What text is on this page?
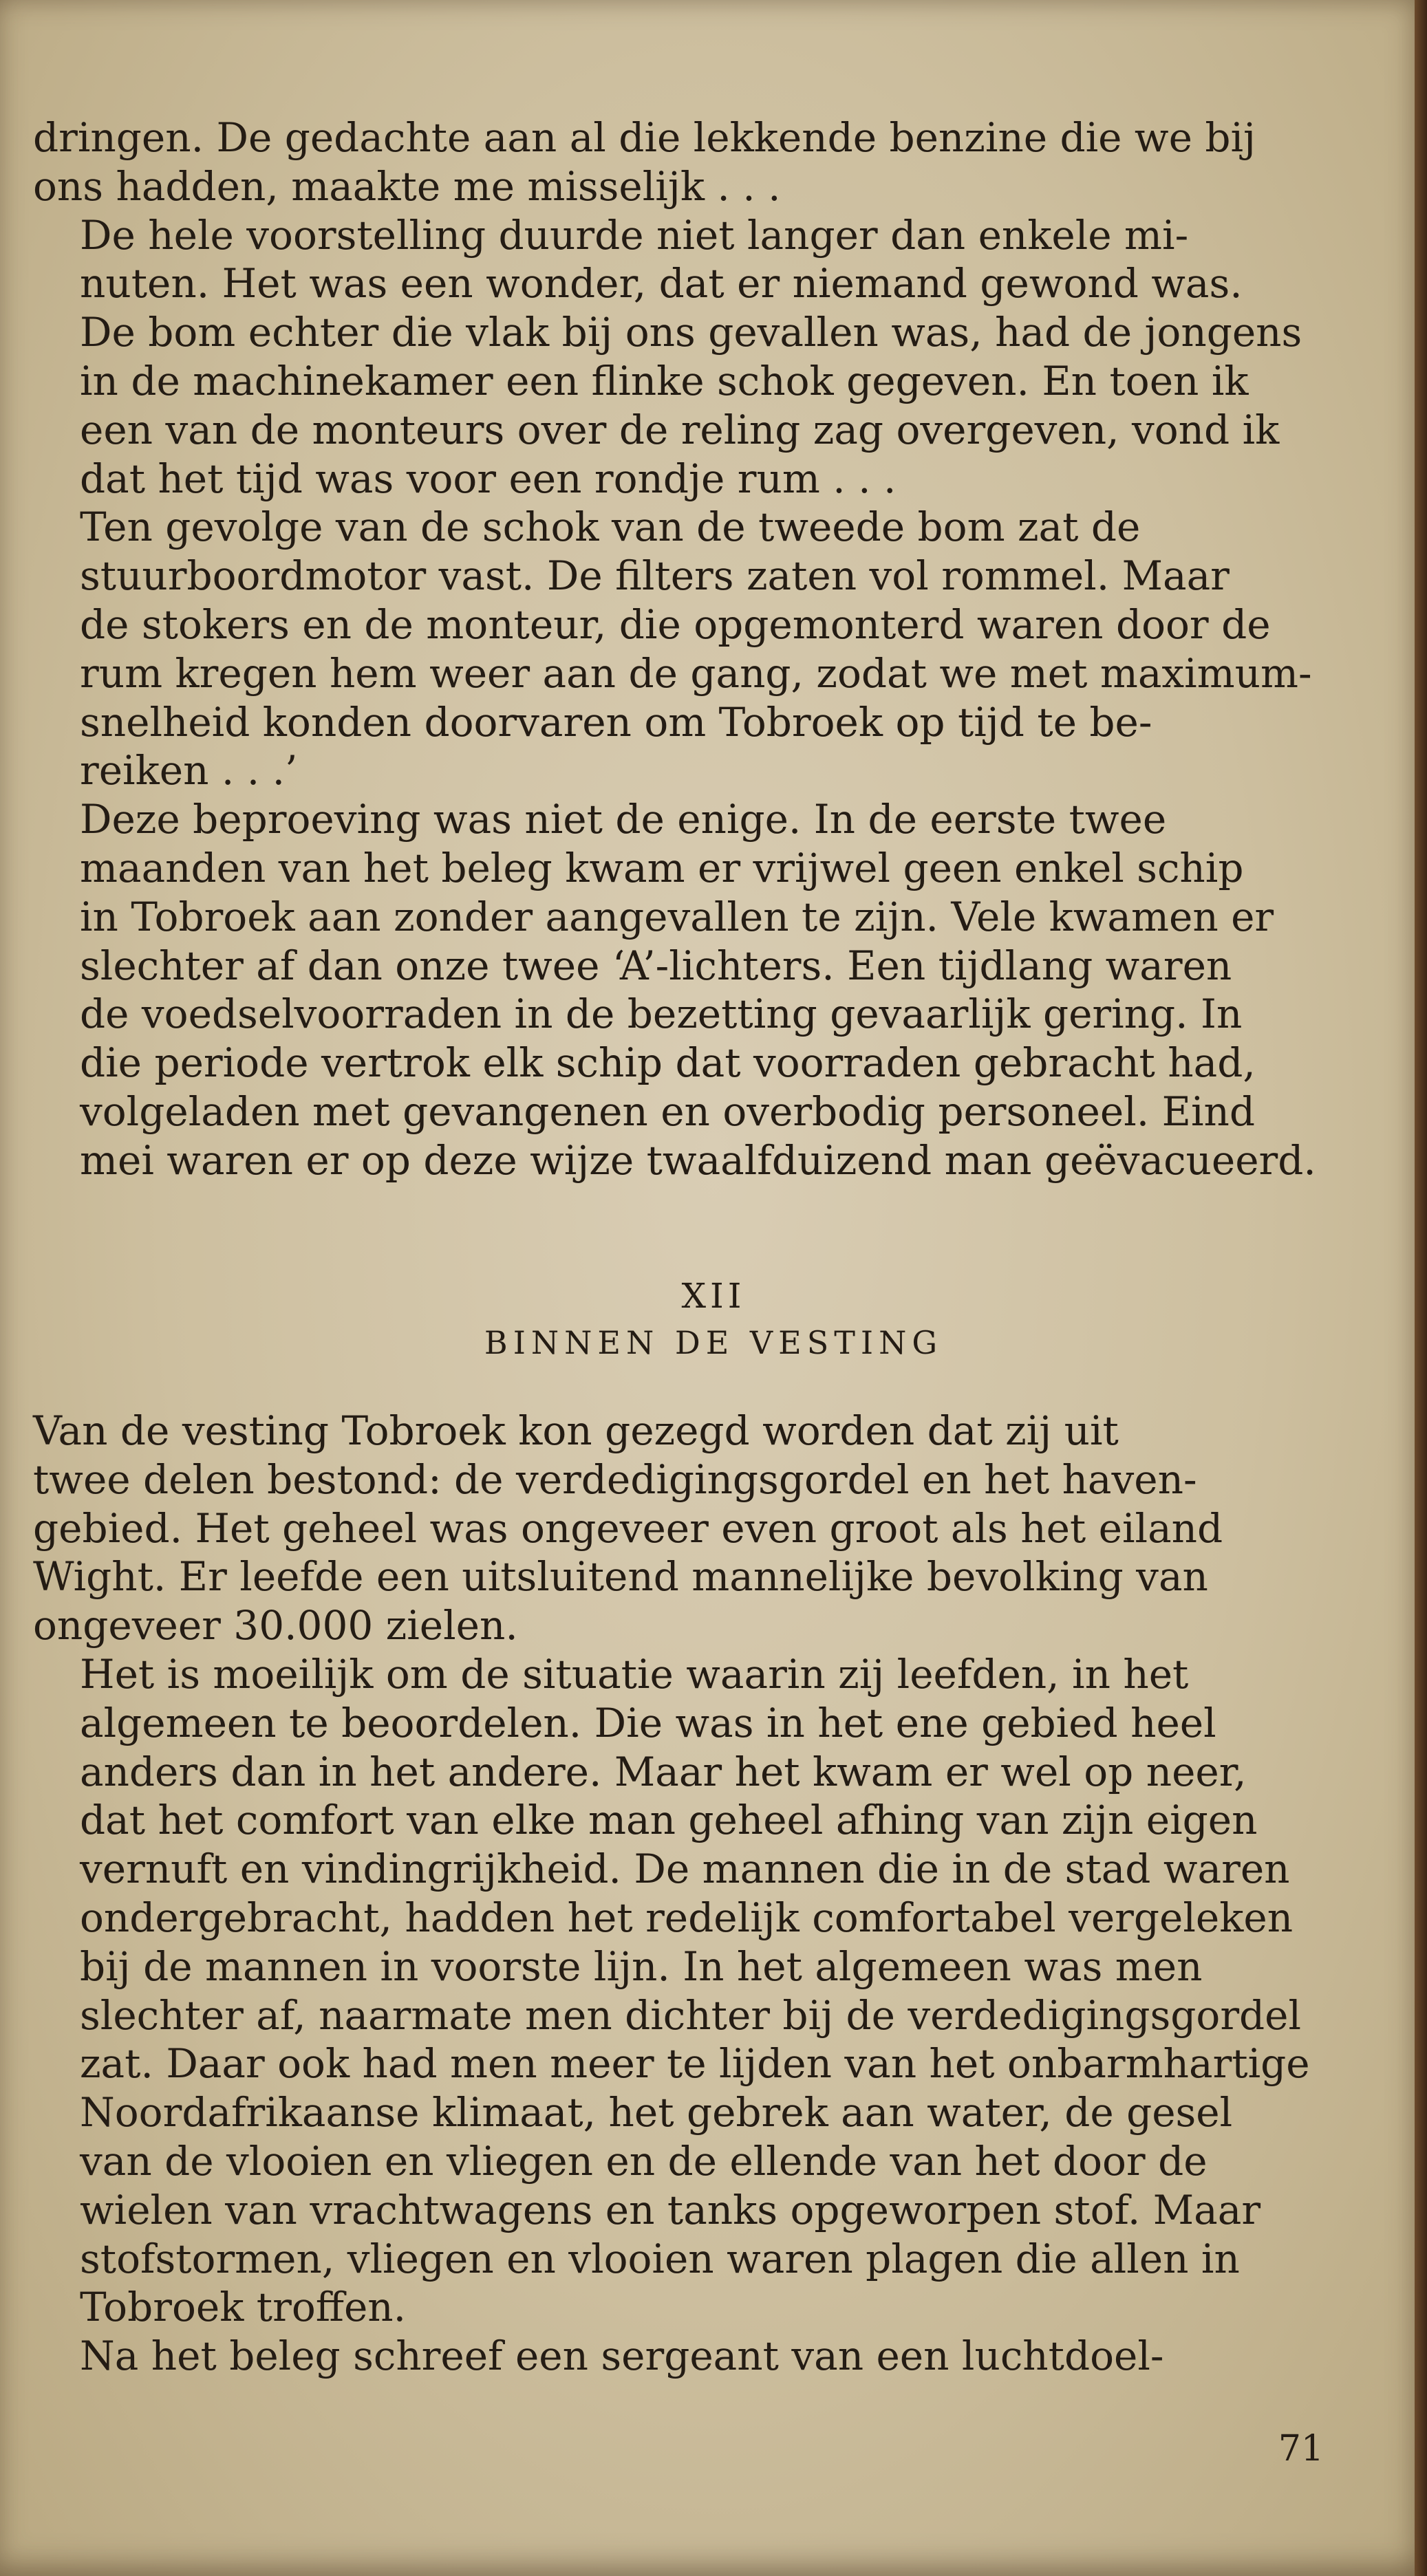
dringen. De gedachte aan al die lekkende benzine die we bij
ons hadden, maakte me misselijk . . .

De hele voorstelling duurde niet langer dan enkele mi-
nuten. Het was een wonder, dat er niemand gewond was.
De bom echter die vlak bij ons gevallen was, had de jongens
in de machinekamer een flinke schok gegeven. En toen ik
een van de monteurs over de reling zag overgeven, vond ik
dat het tijd was voor een rondje rum . . .

Ten gevolge van de schok van de tweede bom zat de
stuurboordmotor vast. De filters zaten vol rommel. Maar
de stokers en de monteur, die opgemonterd waren door de
rum kregen hem weer aan de gang, zodat we met maximum-
snelheid konden doorvaren om Tobroek op tijd te be-
reiken . . .’

Deze beproeving was niet de enige. In de eerste twee
maanden van het beleg kwam er vrijwel geen enkel schip
in Tobroek aan zonder aangevallen te zijn. Vele kwamen er
slechter af dan onze twee ‘A’-lichters. Een tijdlang waren
de voedselvoorraden in de bezetting gevaarlijk gering. In
die periode vertrok elk schip dat voorraden gebracht had,
volgeladen met gevangenen en overbodig personeel. Eind
mei waren er op deze wijze twaalfduizend man geëvacueerd.

XII
BINNEN DE VESTING

Van de vesting Tobroek kon gezegd worden dat zij uit
twee delen bestond: de verdedigingsgordel en het haven-
gebied. Het geheel was ongeveer even groot als het eiland
Wight. Er leefde een uitsluitend mannelijke bevolking van
ongeveer 30.000 zielen.

Het is moeilijk om de situatie waarin zij leefden, in het
algemeen te beoordelen. Die was in het ene gebied heel
anders dan in het andere. Maar het kwam er wel op neer,
dat het comfort van elke man geheel afhing van zijn eigen
vernuft en vindingrijkheid. De mannen die in de stad waren
ondergebracht, hadden het redelijk comfortabel vergeleken
bij de mannen in voorste lijn. In het algemeen was men
slechter af, naarmate men dichter bij de verdedigingsgordel
zat. Daar ook had men meer te lijden van het onbarmhartige
Noordafrikaanse klimaat, het gebrek aan water, de gesel
van de vlooien en vliegen en de ellende van het door de
wielen van vrachtwagens en tanks opgeworpen stof. Maar
stofstormen, vliegen en vlooien waren plagen die allen in
Tobroek troffen.

Na het beleg schreef een sergeant van een luchtdoel-

71
